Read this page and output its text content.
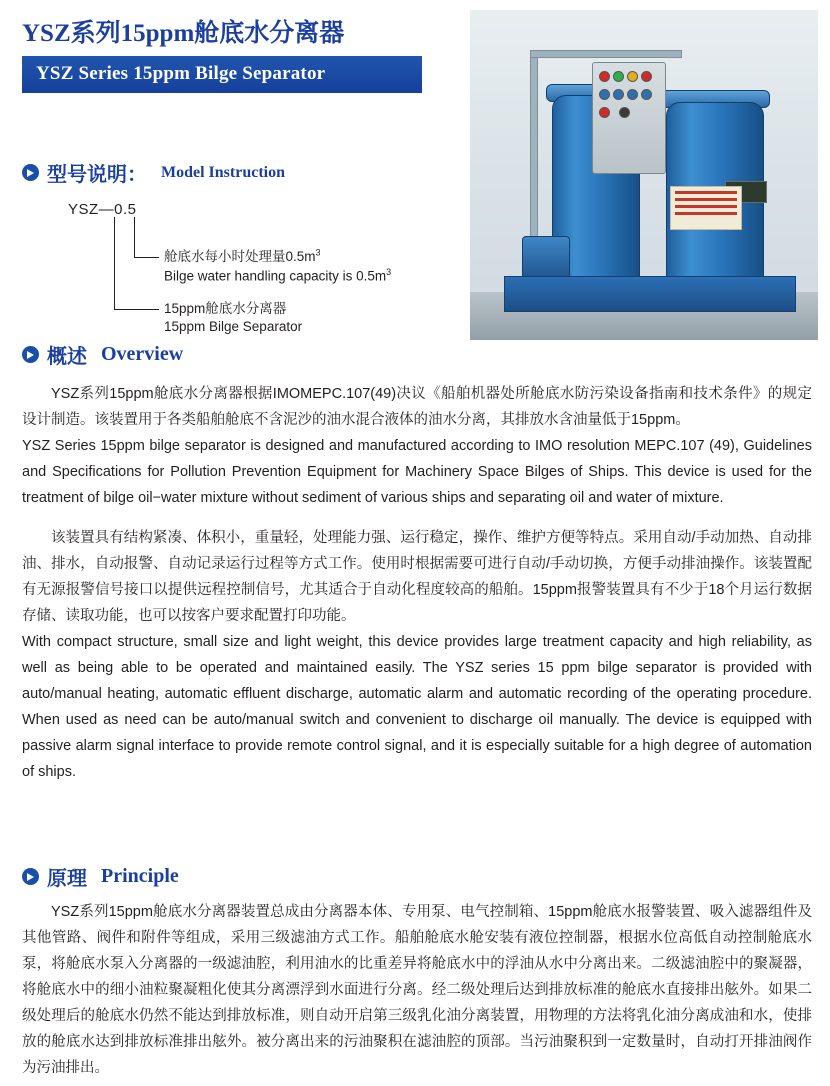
YSZ系列15ppm舱底水分离器
YSZ Series 15ppm Bilge Separator
型号说明： Model Instruction
YSZ—0.5
舱底水每小时处理量$0.5m^3$
Bilge water handling capacity is $0.5m^3$
15ppm舱底水分离器
15ppm Bilge Separator
概述 Overview

YSZ系列15ppm舱底水分离器根据IMOMEPC.107(49)决议《船舶机器处所舱底水防污染设备指南和技术条件》的规定设计制造。该装置用于各类船舶舱底不含泥沙的油水混合液体的油水分离，其排放水含油量低于15ppm。

YSZ Series 15ppm bilge separator is designed and manufactured according to IMO resolution MEPC.107 (49), Guidelines and Specifications for Pollution Prevention Equipment for Machinery Space Bilges of Ships. This device is used for the treatment of bilge oil−water mixture without sediment of various ships and separating oil and water of mixture.

该装置具有结构紧凑、体积小，重量轻，处理能力强、运行稳定，操作、维护方便等特点。采用自动/手动加热、自动排油、排水，自动报警、自动记录运行过程等方式工作。使用时根据需要可进行自动/手动切换，方便手动排油操作。该装置配有无源报警信号接口以提供远程控制信号，尤其适合于自动化程度较高的船舶。15ppm报警装置具有不少于18个月运行数据存储、读取功能，也可以按客户要求配置打印功能。

With compact structure, small size and light weight, this device provides large treatment capacity and high reliability, as well as being able to be operated and maintained easily. The YSZ series 15 ppm bilge separator is provided with auto/manual heating, automatic effluent discharge, automatic alarm and automatic recording of the operating procedure. When used as need can be auto/manual switch and convenient to discharge oil manually. The device is equipped with passive alarm signal interface to provide remote control signal, and it is especially suitable for a high degree of automation of ships.

原理 Principle

YSZ系列15ppm舱底水分离器装置总成由分离器本体、专用泵、电气控制箱、15ppm舱底水报警装置、吸入滤器组件及其他管路、阀件和附件等组成，采用三级滤油方式工作。船舶舱底水舱安装有液位控制器，根据水位高低自动控制舱底水泵，将舱底水泵入分离器的一级滤油腔，利用油水的比重差异将舱底水中的浮油从水中分离出来。二级滤油腔中的聚凝器，将舱底水中的细小油粒聚凝粗化使其分离漂浮到水面进行分离。经二级处理后达到排放标准的舱底水直接排出舷外。如果二级处理后的舱底水仍然不能达到排放标准，则自动开启第三级乳化油分离装置，用物理的方法将乳化油分离成油和水，使排放的舱底水达到排放标准排出舷外。被分离出来的污油聚积在滤油腔的顶部。当污油聚积到一定数量时，自动打开排油阀作为污油排出。
